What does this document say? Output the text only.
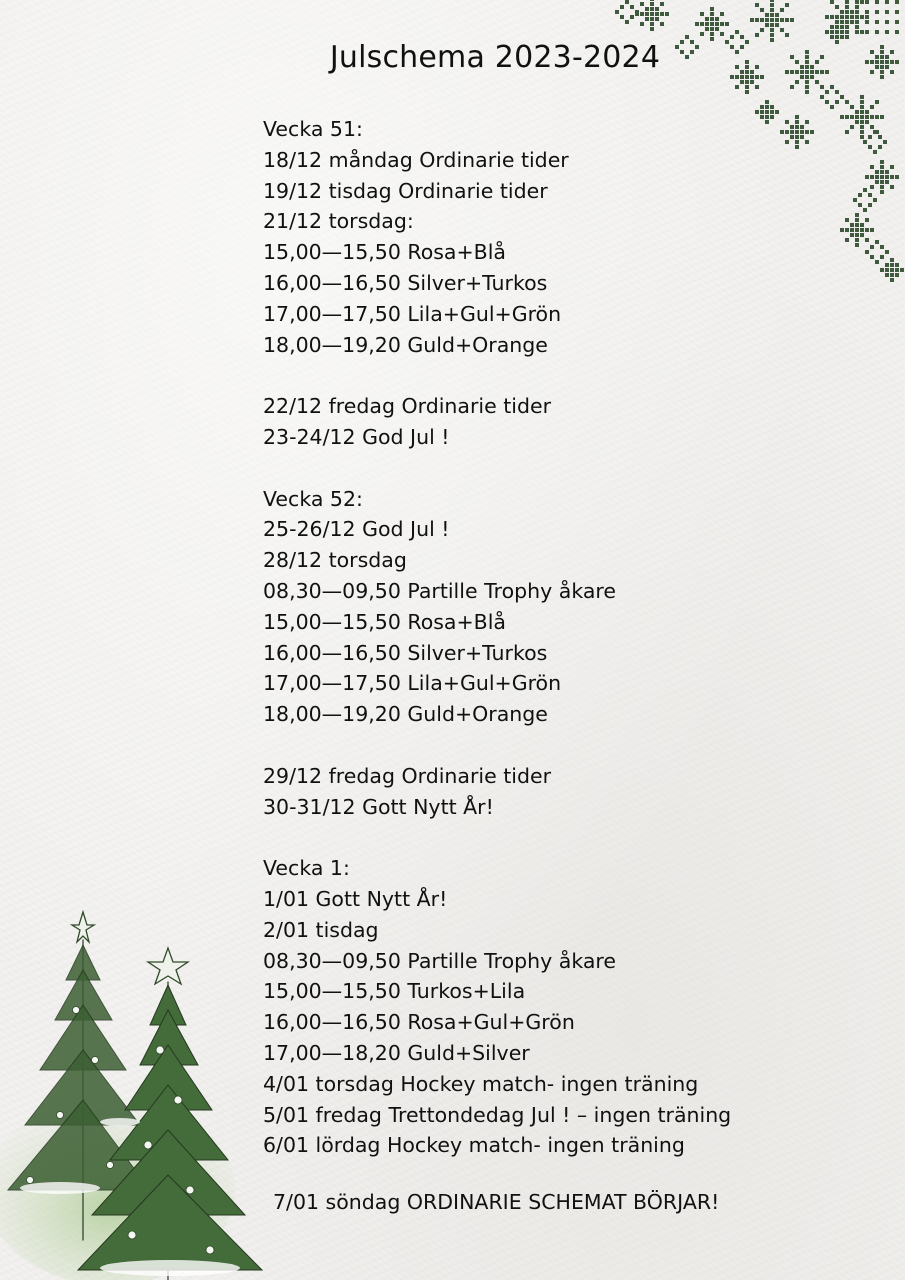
Julschema 2023-2024
Vecka 51:
18/12 måndag Ordinarie tider
19/12 tisdag Ordinarie tider
21/12 torsdag:
15,00—15,50 Rosa+Blå
16,00—16,50 Silver+Turkos
17,00—17,50 Lila+Gul+Grön
18,00—19,20 Guld+Orange
22/12 fredag Ordinarie tider
23-24/12 God Jul !
Vecka 52:
25-26/12 God Jul !
28/12 torsdag
08,30—09,50 Partille Trophy åkare
15,00—15,50 Rosa+Blå
16,00—16,50 Silver+Turkos
17,00—17,50 Lila+Gul+Grön
18,00—19,20 Guld+Orange
29/12 fredag Ordinarie tider
30-31/12 Gott Nytt År!
Vecka 1:
1/01 Gott Nytt År!
2/01 tisdag
08,30—09,50 Partille Trophy åkare
15,00—15,50 Turkos+Lila
16,00—16,50 Rosa+Gul+Grön
17,00—18,20 Guld+Silver
4/01 torsdag Hockey match- ingen träning
5/01 fredag Trettondedag Jul ! – ingen träning
6/01 lördag Hockey match- ingen träning
7/01 söndag ORDINARIE SCHEMAT BÖRJAR!
